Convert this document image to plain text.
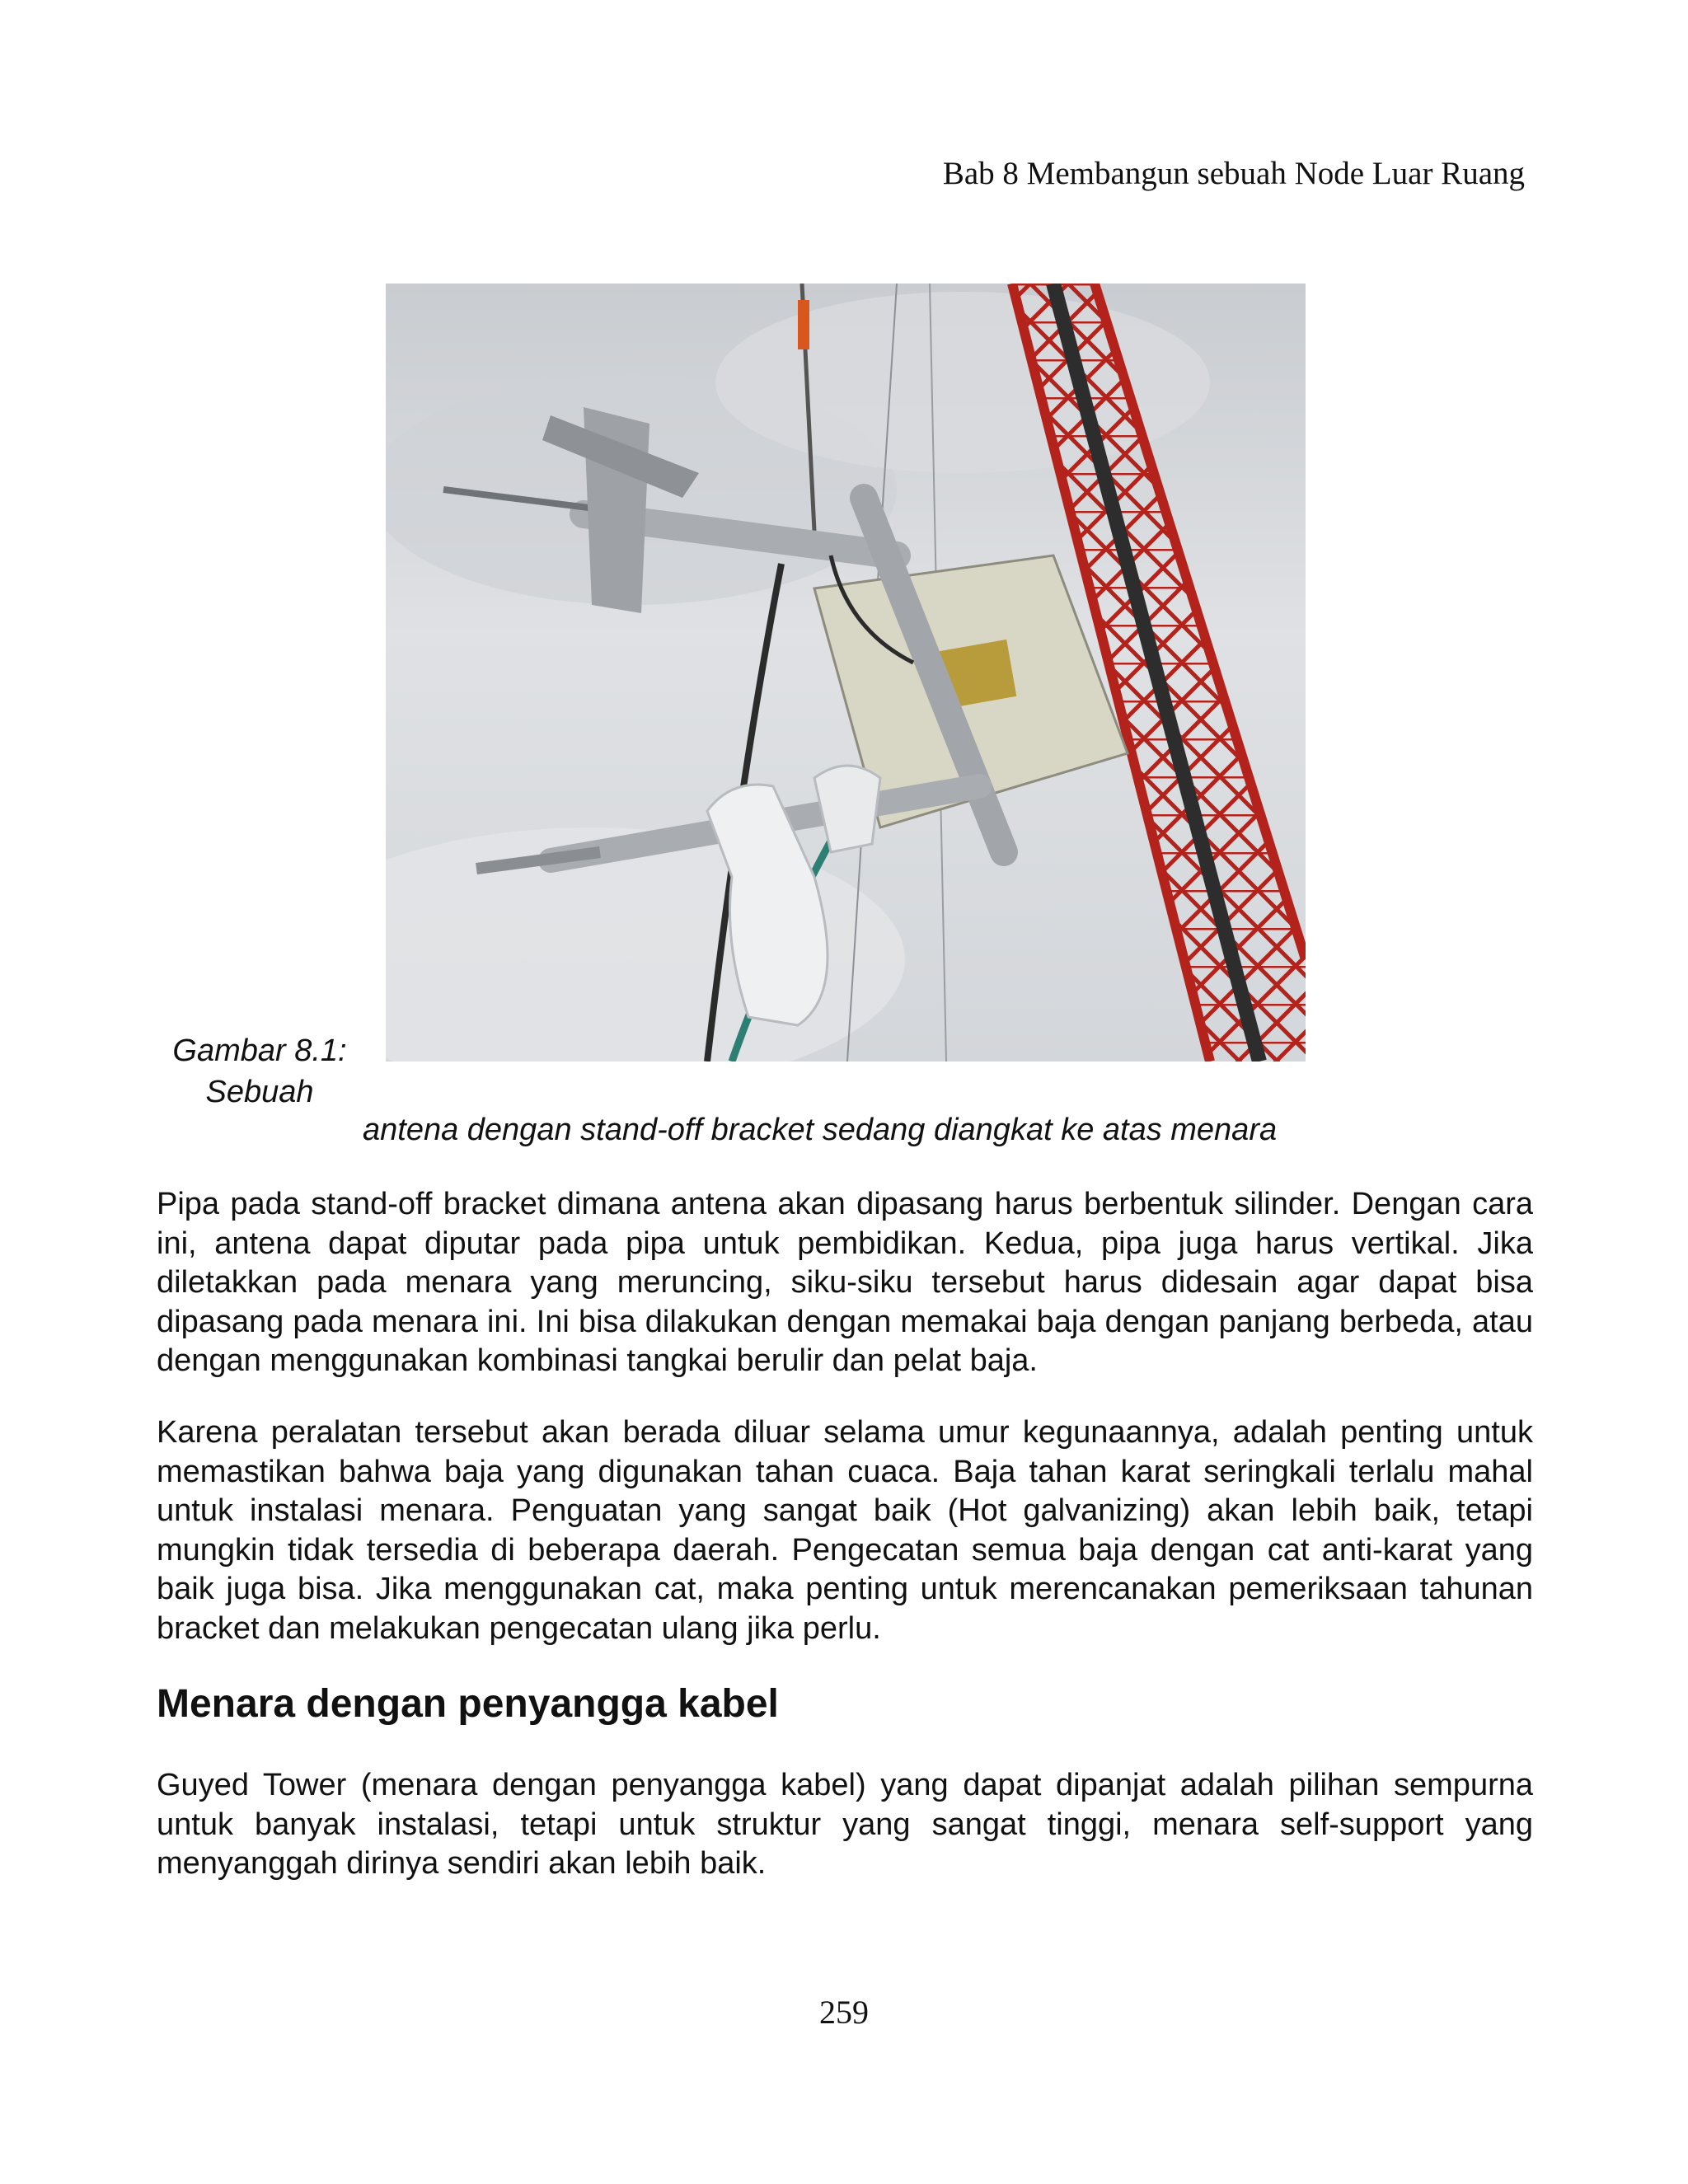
Bab 8 Membangun sebuah Node Luar Ruang
Gambar 8.1: Sebuah
antena dengan stand-off bracket sedang diangkat ke atas menara

Pipa pada stand-off bracket dimana antena akan dipasang harus berbentuk silinder. Dengan cara ini, antena dapat diputar pada pipa untuk pembidikan. Kedua, pipa juga harus vertikal. Jika diletakkan pada menara yang meruncing, siku-siku tersebut harus didesain agar dapat bisa dipasang pada menara ini. Ini bisa dilakukan dengan memakai baja dengan panjang berbeda, atau dengan menggunakan kombinasi tangkai berulir dan pelat baja.

Karena peralatan tersebut akan berada diluar selama umur kegunaannya, adalah penting untuk memastikan bahwa baja yang digunakan tahan cuaca. Baja tahan karat seringkali terlalu mahal untuk instalasi menara. Penguatan yang sangat baik (Hot galvanizing) akan lebih baik, tetapi mungkin tidak tersedia di beberapa daerah. Pengecatan semua baja dengan cat anti-karat yang baik juga bisa. Jika menggunakan cat, maka penting untuk merencanakan pemeriksaan tahunan bracket dan melakukan pengecatan ulang jika perlu.

Menara dengan penyangga kabel

Guyed Tower (menara dengan penyangga kabel) yang dapat dipanjat adalah pilihan sempurna untuk banyak instalasi, tetapi untuk struktur yang sangat tinggi, menara self-support yang menyanggah dirinya sendiri akan lebih baik.

259
